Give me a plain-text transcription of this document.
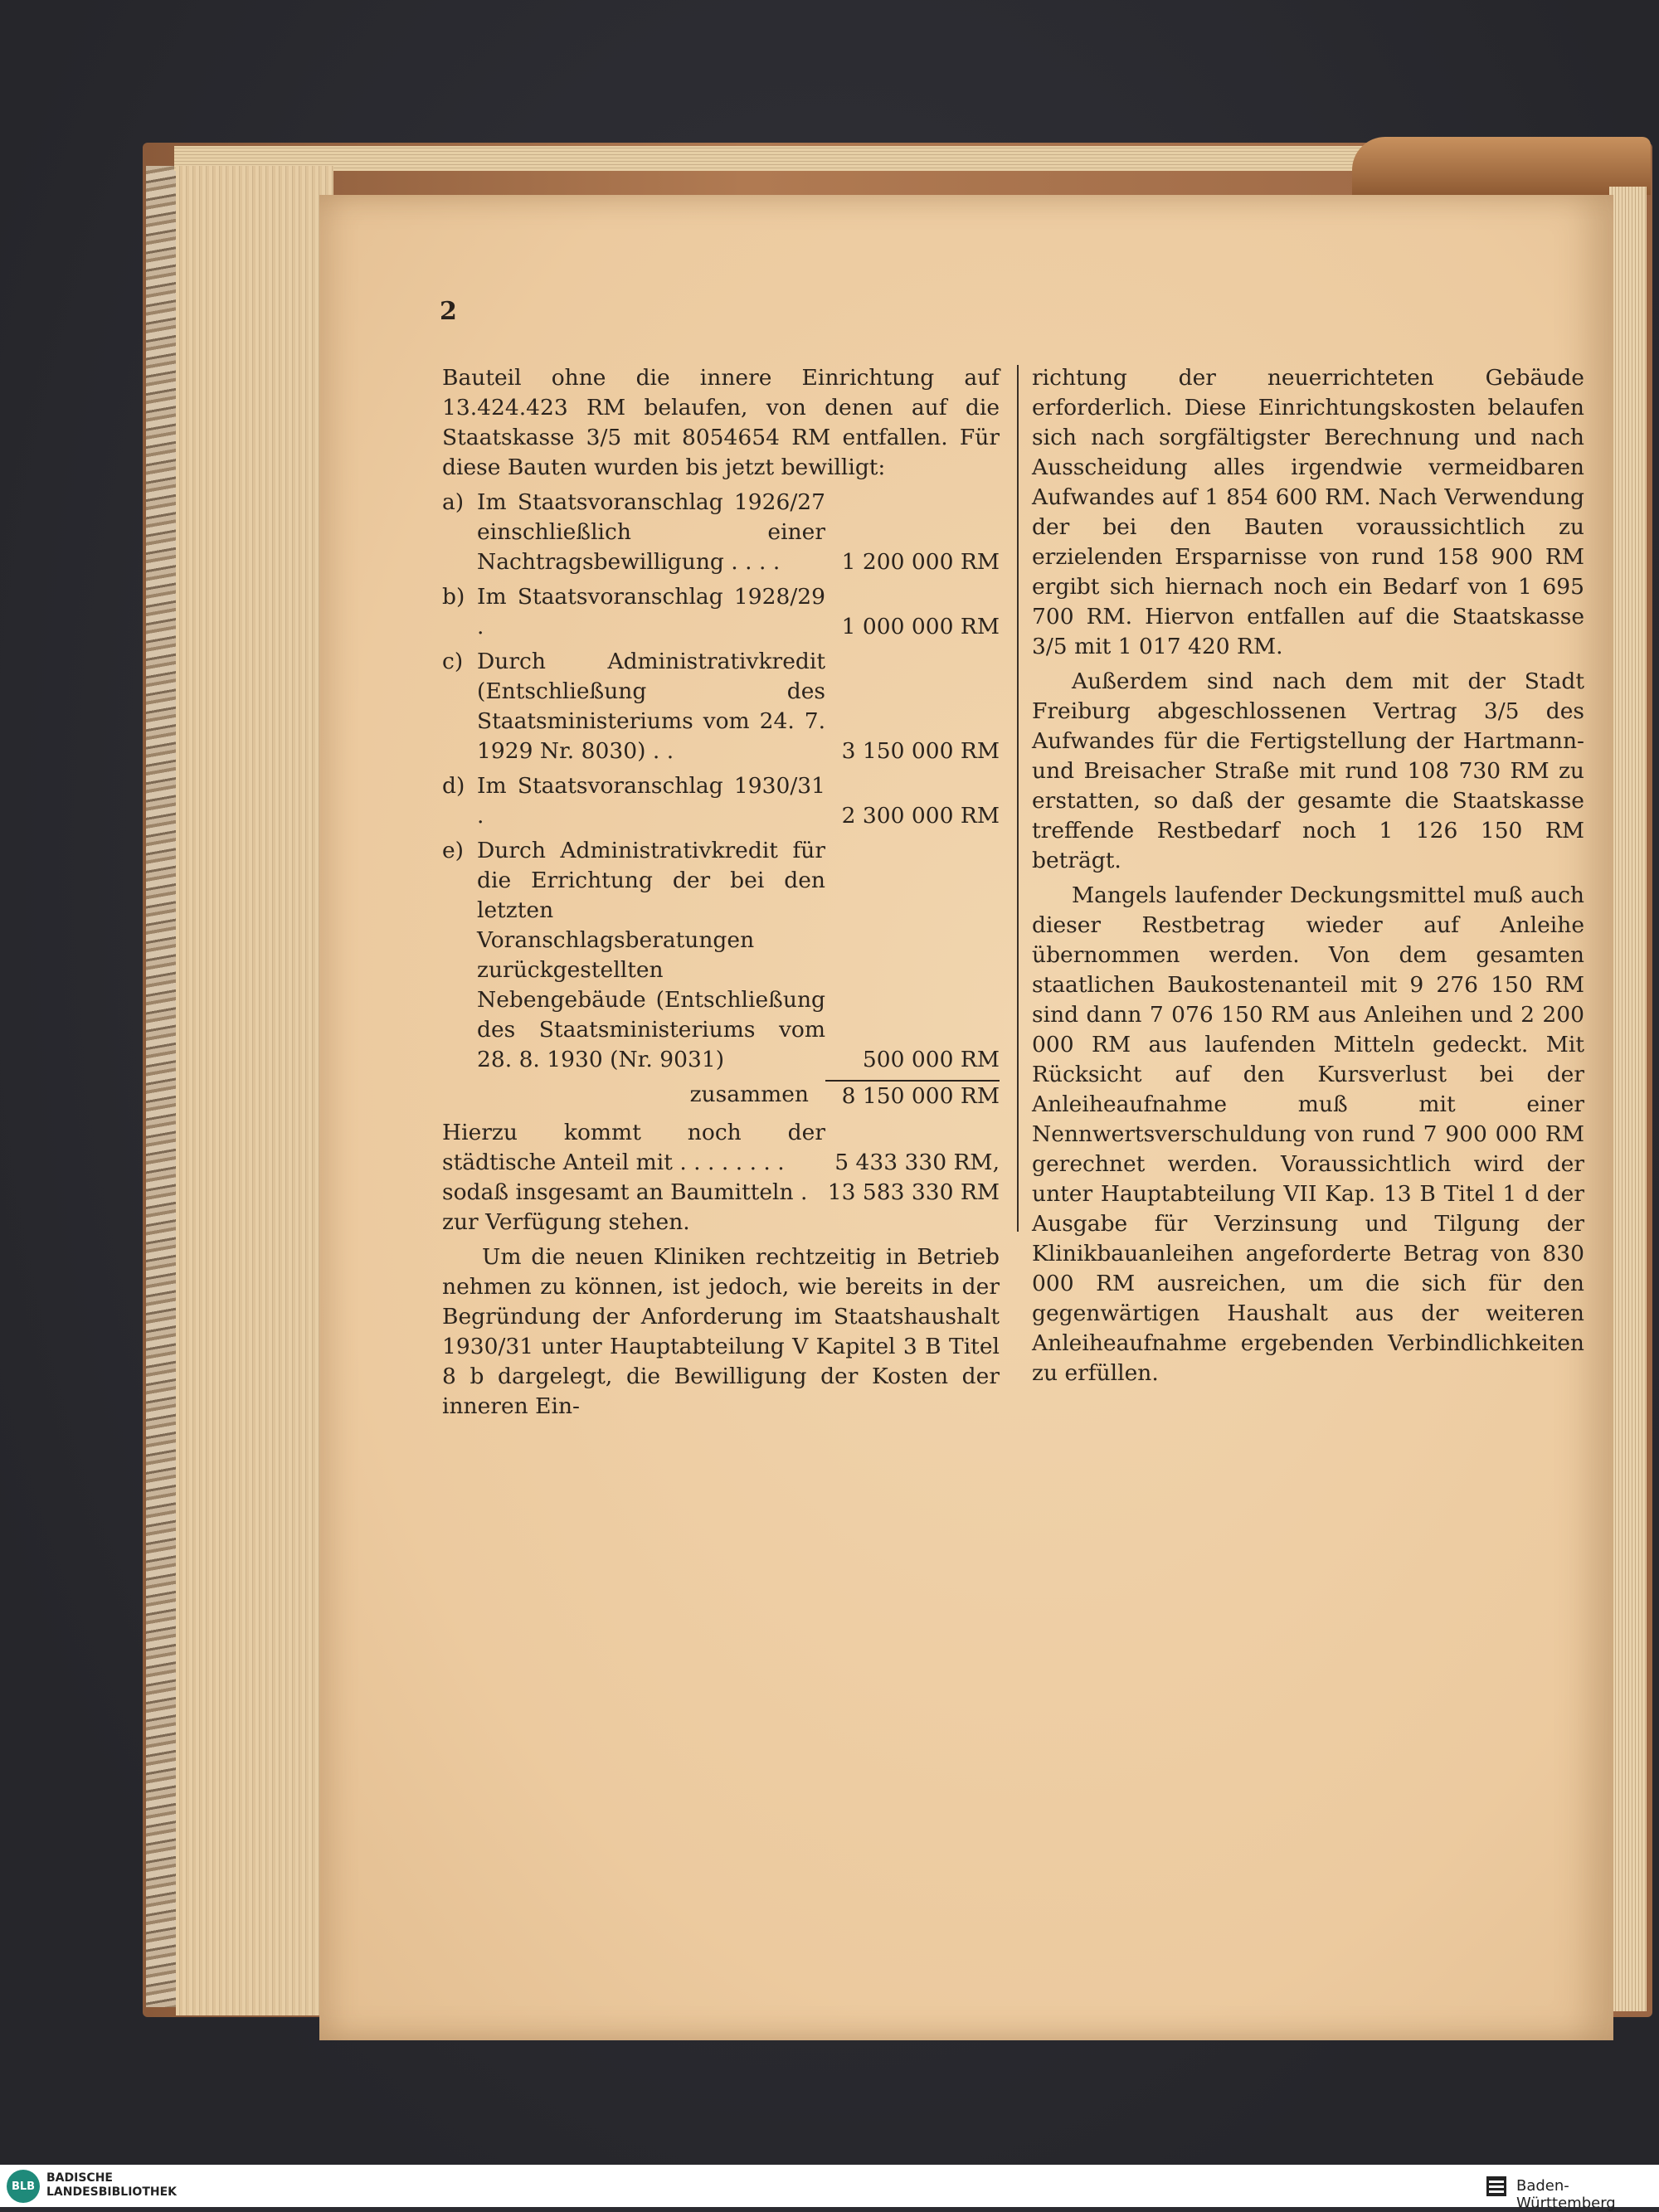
2

Bauteil ohne die innere Einrichtung auf 13.424.423 RM belaufen, von denen auf die Staatskasse 3/5 mit 8054654 RM entfallen. Für diese Bauten wurden bis jetzt bewilligt:

a) Im Staatsvoranschlag 1926/27 einschließlich einer Nachtragsbewilligung . . . .	1 200 000 RM
b) Im Staatsvoranschlag 1928/29 .	1 000 000 RM
c) Durch Administrativkredit (Entschließung des Staatsministeriums vom 24. 7. 1929 Nr. 8030) . .	3 150 000 RM
d) Im Staatsvoranschlag 1930/31 .	2 300 000 RM
e) Durch Administrativkredit für die Errichtung der bei den letzten Voranschlagsberatungen zurückgestellten Nebengebäude (Entschließung des Staatsministeriums vom 28. 8. 1930 (Nr. 9031)	500 000 RM
zusammen	8 150 000 RM
Hierzu kommt noch der städtische Anteil mit . . . . . . . .	5 433 330 RM,
sodaß insgesamt an Baumitteln . 13 583 330 RM

zur Verfügung stehen.

Um die neuen Kliniken rechtzeitig in Betrieb nehmen zu können, ist jedoch, wie bereits in der Begründung der Anforderung im Staatshaushalt 1930/31 unter Hauptabteilung V Kapitel 3 B Titel 8 b dargelegt, die Bewilligung der Kosten der inneren Ein-

richtung der neuerrichteten Gebäude erforderlich. Diese Einrichtungskosten belaufen sich nach sorgfältigster Berechnung und nach Ausscheidung alles irgendwie vermeidbaren Aufwandes auf 1 854 600 RM. Nach Verwendung der bei den Bauten voraussichtlich zu erzielenden Ersparnisse von rund 158 900 RM ergibt sich hiernach noch ein Bedarf von 1 695 700 RM. Hiervon entfallen auf die Staatskasse 3/5 mit 1 017 420 RM.

Außerdem sind nach dem mit der Stadt Freiburg abgeschlossenen Vertrag 3/5 des Aufwandes für die Fertigstellung der Hartmann- und Breisacher Straße mit rund 108 730 RM zu erstatten, so daß der gesamte die Staatskasse treffende Restbedarf noch 1 126 150 RM beträgt.

Mangels laufender Deckungsmittel muß auch dieser Restbetrag wieder auf Anleihe übernommen werden. Von dem gesamten staatlichen Baukostenanteil mit 9 276 150 RM sind dann 7 076 150 RM aus Anleihen und 2 200 000 RM aus laufenden Mitteln gedeckt. Mit Rücksicht auf den Kursverlust bei der Anleiheaufnahme muß mit einer Nennwertsverschuldung von rund 7 900 000 RM gerechnet werden. Voraussichtlich wird der unter Hauptabteilung VII Kap. 13 B Titel 1 d der Ausgabe für Verzinsung und Tilgung der Klinikbauanleihen angeforderte Betrag von 830 000 RM ausreichen, um die sich für den gegenwärtigen Haushalt aus der weiteren Anleiheaufnahme ergebenden Verbindlichkeiten zu erfüllen.

BLB
BADISCHE
LANDESBIBLIOTHEK	Baden-Württemberg
